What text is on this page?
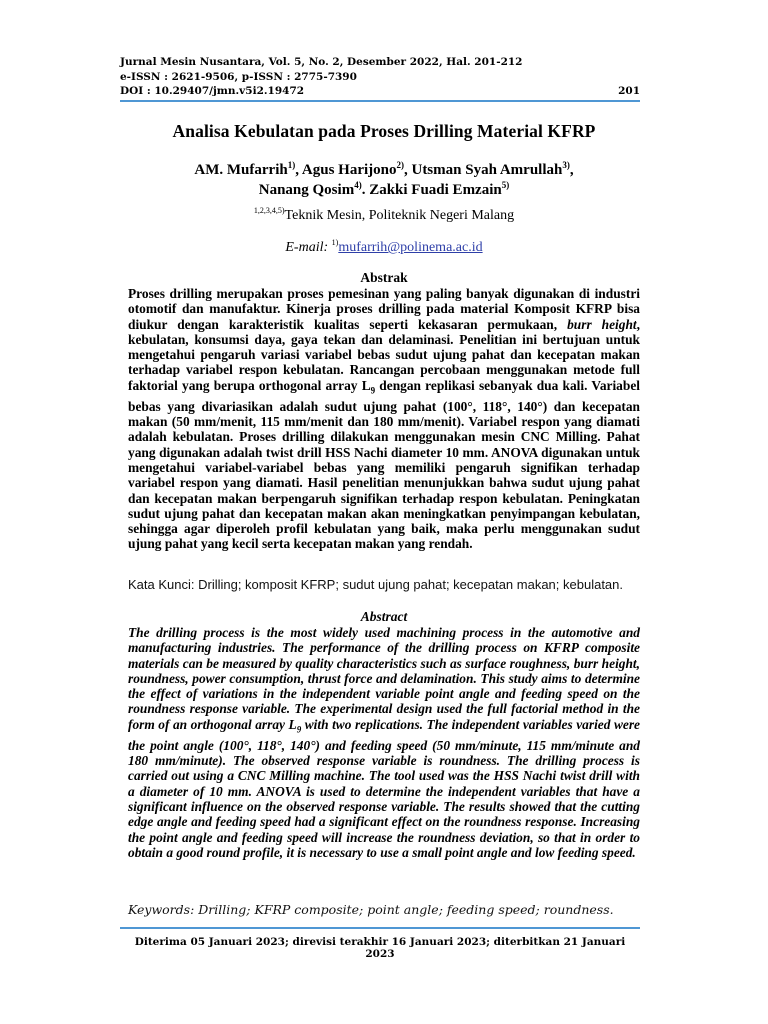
Jurnal Mesin Nusantara, Vol. 5, No. 2, Desember 2022, Hal. 201-212
e-ISSN : 2621-9506, p-ISSN : 2775-7390
DOI : 10.29407/jmn.v5i2.19472	201
Analisa Kebulatan pada Proses Drilling Material KFRP
AM. Mufarrih$^{1)}$, Agus Harijono$^{2)}$, Utsman Syah Amrullah$^{3)}$,
Nanang Qosim$^{4)}$. Zakki Fuadi Emzain$^{5)}$
$^{1,2,3,4,5)}$Teknik Mesin, Politeknik Negeri Malang
E-mail: $^{1)}$mufarrih@polinema.ac.id
Abstrak
Proses drilling merupakan proses pemesinan yang paling banyak digunakan di industri otomotif dan manufaktur. Kinerja proses drilling pada material Komposit KFRP bisa diukur dengan karakteristik kualitas seperti kekasaran permukaan, burr height, kebulatan, konsumsi daya, gaya tekan dan delaminasi. Penelitian ini bertujuan untuk mengetahui pengaruh variasi variabel bebas sudut ujung pahat dan kecepatan makan terhadap variabel respon kebulatan. Rancangan percobaan menggunakan metode full faktorial yang berupa orthogonal array $L_9$ dengan replikasi sebanyak dua kali. Variabel bebas yang divariasikan adalah sudut ujung pahat (100°, 118°, 140°) dan kecepatan makan (50 mm/menit, 115 mm/menit dan 180 mm/menit). Variabel respon yang diamati adalah kebulatan. Proses drilling dilakukan menggunakan mesin CNC Milling. Pahat yang digunakan adalah twist drill HSS Nachi diameter 10 mm. ANOVA digunakan untuk mengetahui variabel-variabel bebas yang memiliki pengaruh signifikan terhadap variabel respon yang diamati. Hasil penelitian menunjukkan bahwa sudut ujung pahat dan kecepatan makan berpengaruh signifikan terhadap respon kebulatan. Peningkatan sudut ujung pahat dan kecepatan makan akan meningkatkan penyimpangan kebulatan, sehingga agar diperoleh profil kebulatan yang baik, maka perlu menggunakan sudut ujung pahat yang kecil serta kecepatan makan yang rendah.
Kata Kunci: Drilling; komposit KFRP; sudut ujung pahat; kecepatan makan; kebulatan.
Abstract
The drilling process is the most widely used machining process in the automotive and manufacturing industries. The performance of the drilling process on KFRP composite materials can be measured by quality characteristics such as surface roughness, burr height, roundness, power consumption, thrust force and delamination. This study aims to determine the effect of variations in the independent variable point angle and feeding speed on the roundness response variable. The experimental design used the full factorial method in the form of an orthogonal array $L_9$ with two replications. The independent variables varied were the point angle (100°, 118°, 140°) and feeding speed (50 mm/minute, 115 mm/minute and 180 mm/minute). The observed response variable is roundness. The drilling process is carried out using a CNC Milling machine. The tool used was the HSS Nachi twist drill with a diameter of 10 mm. ANOVA is used to determine the independent variables that have a significant influence on the observed response variable. The results showed that the cutting edge angle and feeding speed had a significant effect on the roundness response. Increasing the point angle and feeding speed will increase the roundness deviation, so that in order to obtain a good round profile, it is necessary to use a small point angle and low feeding speed.
Keywords: Drilling; KFRP composite; point angle; feeding speed; roundness.
Diterima 05 Januari 2023; direvisi terakhir 16 Januari 2023; diterbitkan 21 Januari 2023
